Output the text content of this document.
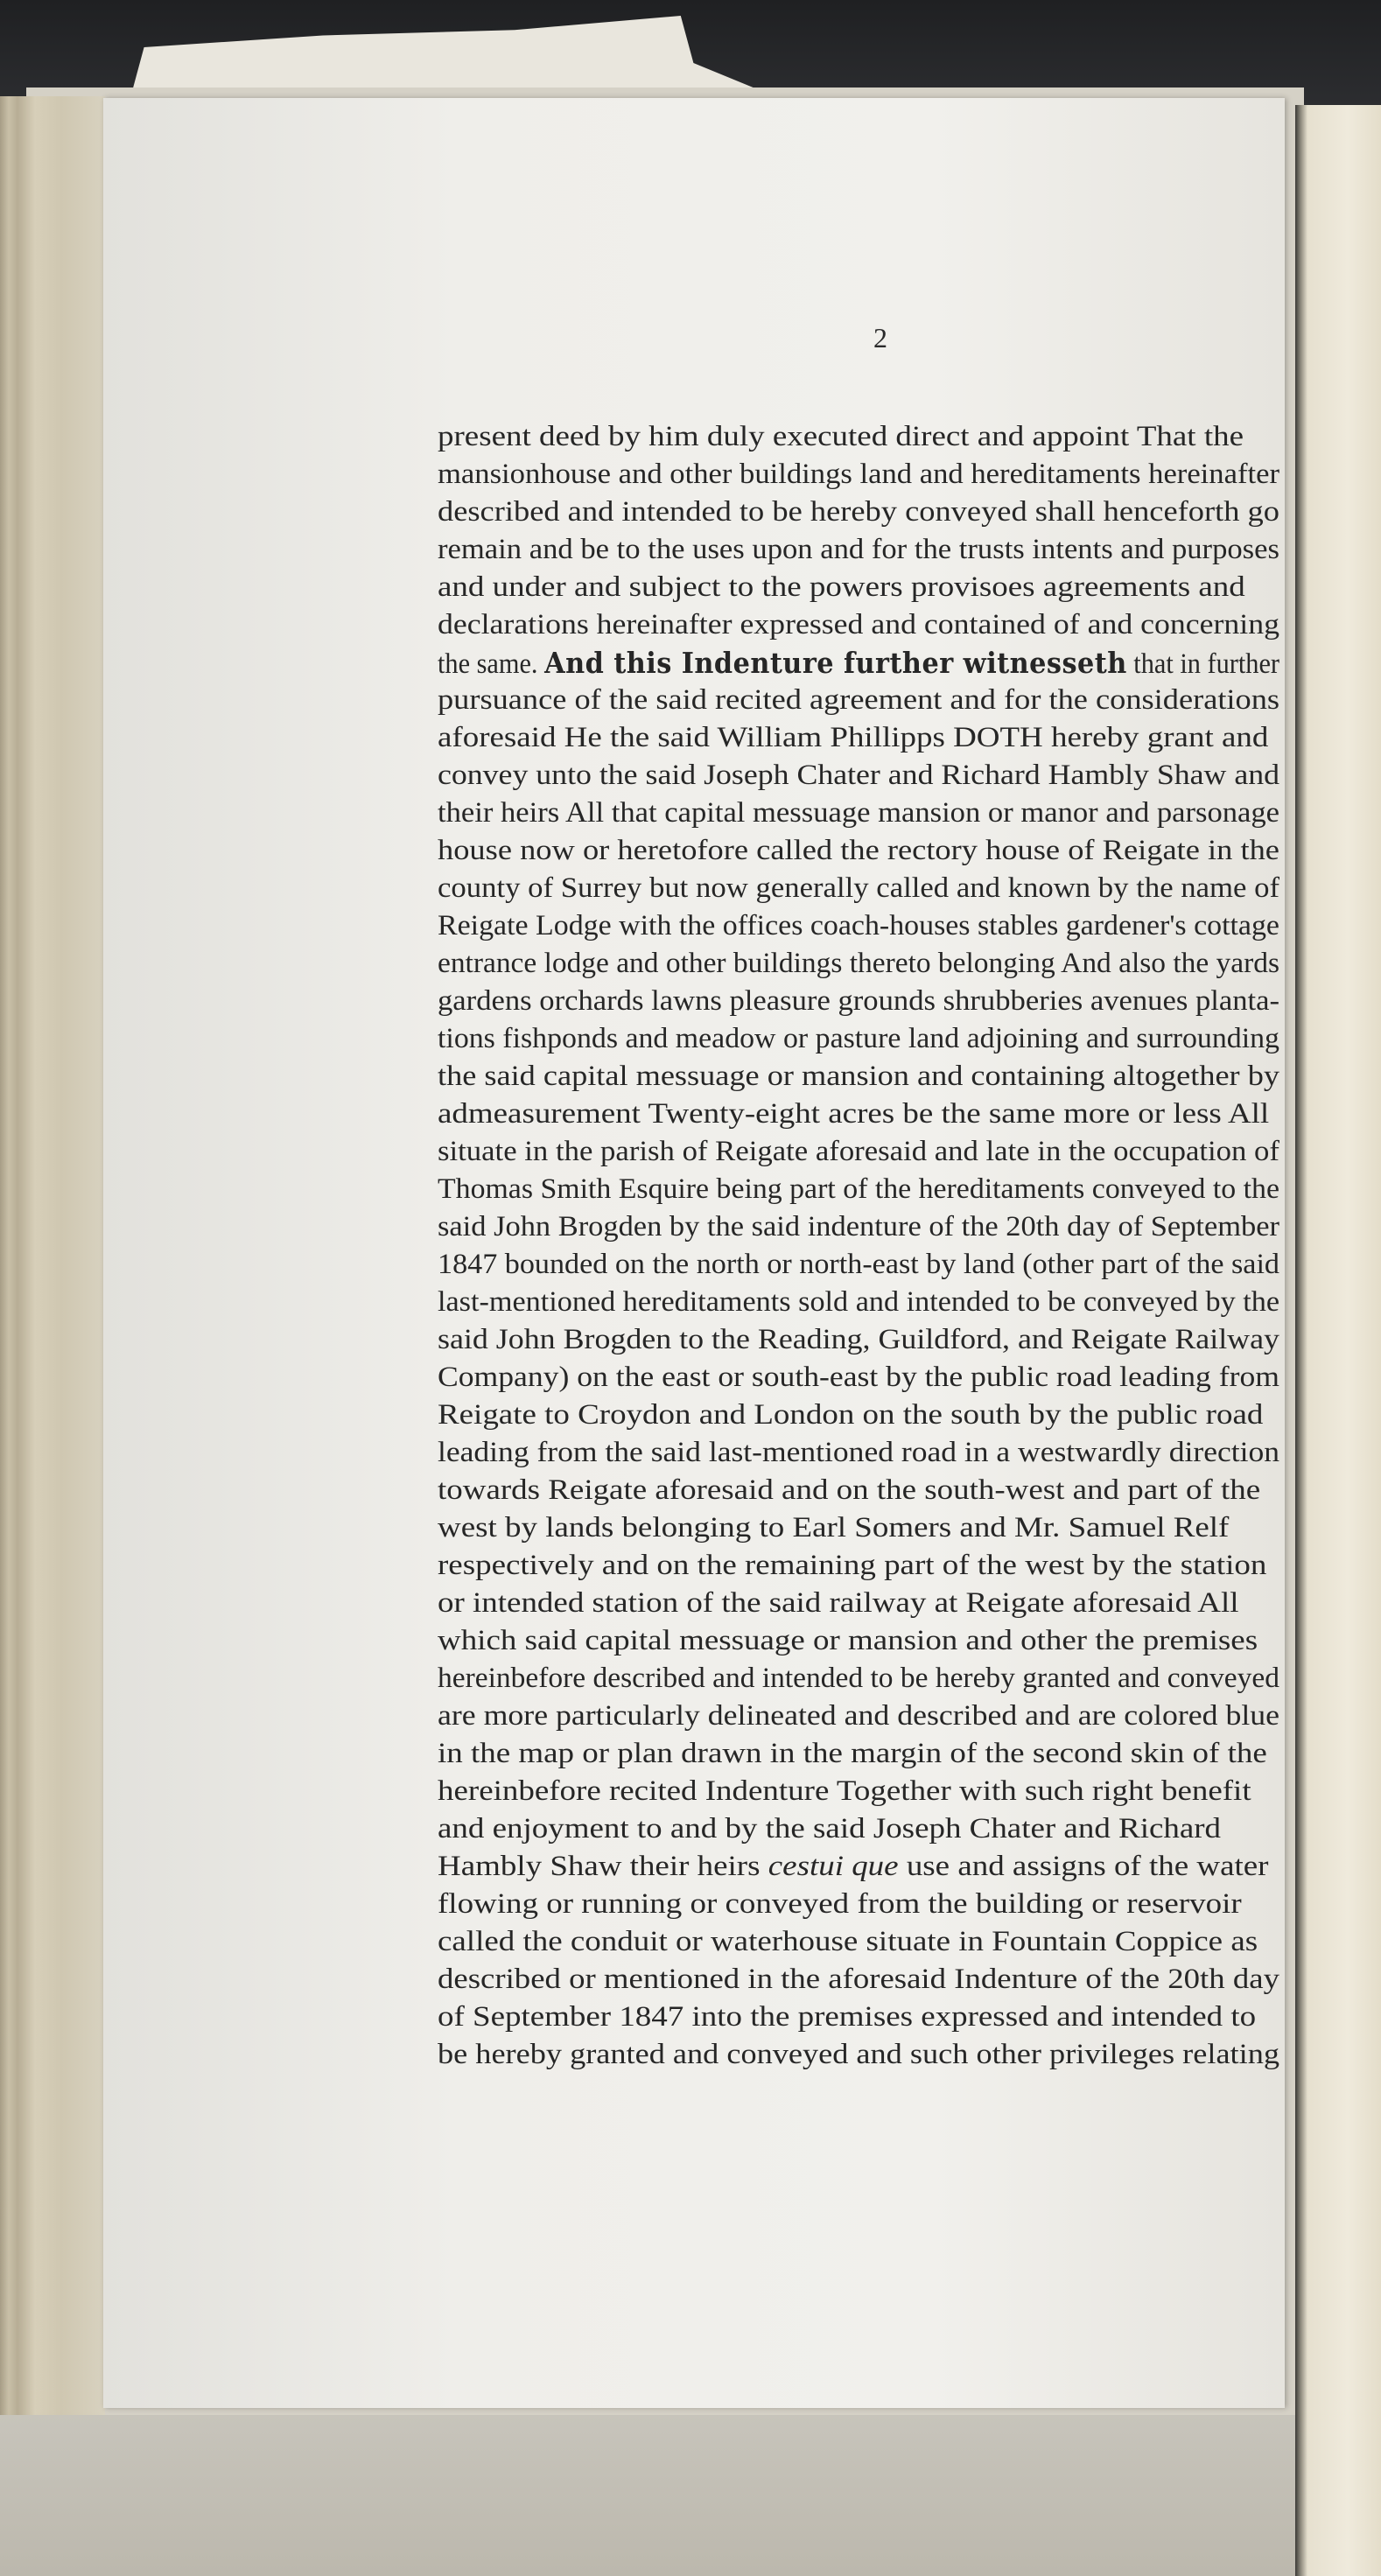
2
present deed by him duly executed direct and appoint That the
mansionhouse and other buildings land and hereditaments hereinafter
described and intended to be hereby conveyed shall henceforth go
remain and be to the uses upon and for the trusts intents and purposes
and under and subject to the powers provisoes agreements and
declarations hereinafter expressed and contained of and concerning
the same. And this Indenture further witnesseth that in further
pursuance of the said recited agreement and for the considerations
aforesaid He the said William Phillipps DOTH hereby grant and
convey unto the said Joseph Chater and Richard Hambly Shaw and
their heirs All that capital messuage mansion or manor and parsonage
house now or heretofore called the rectory house of Reigate in the
county of Surrey but now generally called and known by the name of
Reigate Lodge with the offices coach-houses stables gardener's cottage
entrance lodge and other buildings thereto belonging And also the yards
gardens orchards lawns pleasure grounds shrubberies avenues planta-
tions fishponds and meadow or pasture land adjoining and surrounding
the said capital messuage or mansion and containing altogether by
admeasurement Twenty-eight acres be the same more or less All
situate in the parish of Reigate aforesaid and late in the occupation of
Thomas Smith Esquire being part of the hereditaments conveyed to the
said John Brogden by the said indenture of the 20th day of September
1847 bounded on the north or north-east by land (other part of the said
last-mentioned hereditaments sold and intended to be conveyed by the
said John Brogden to the Reading, Guildford, and Reigate Railway
Company) on the east or south-east by the public road leading from
Reigate to Croydon and London on the south by the public road
leading from the said last-mentioned road in a westwardly direction
towards Reigate aforesaid and on the south-west and part of the
west by lands belonging to Earl Somers and Mr. Samuel Relf
respectively and on the remaining part of the west by the station
or intended station of the said railway at Reigate aforesaid All
which said capital messuage or mansion and other the premises
hereinbefore described and intended to be hereby granted and conveyed
are more particularly delineated and described and are colored blue
in the map or plan drawn in the margin of the second skin of the
hereinbefore recited Indenture Together with such right benefit
and enjoyment to and by the said Joseph Chater and Richard
Hambly Shaw their heirs cestui que use and assigns of the water
flowing or running or conveyed from the building or reservoir
called the conduit or waterhouse situate in Fountain Coppice as
described or mentioned in the aforesaid Indenture of the 20th day
of September 1847 into the premises expressed and intended to
be hereby granted and conveyed and such other privileges relating
